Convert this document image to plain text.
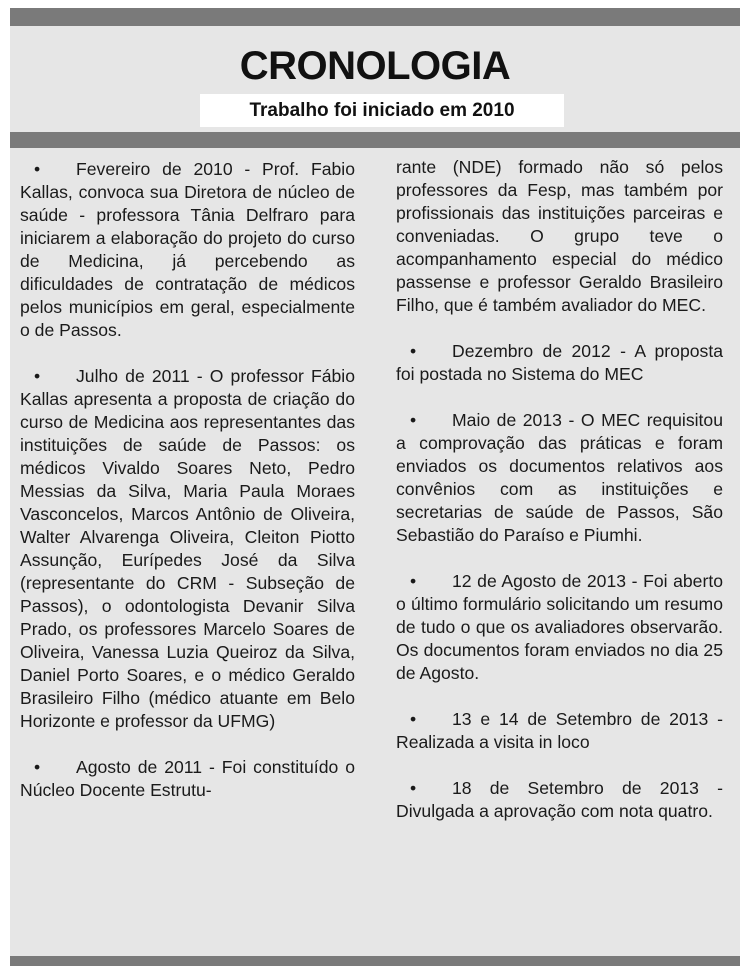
CRONOLOGIA
Trabalho foi iniciado em 2010

• Fevereiro de 2010 - Prof. Fabio Kallas, convoca sua Diretora de núcleo de saúde - professora Tânia Delfraro para iniciarem a elaboração do projeto do curso de Medicina, já percebendo as dificuldades de contratação de médicos pelos municípios em geral, especialmente o de Passos.

• Julho de 2011 - O professor Fábio Kallas apresenta a proposta de criação do curso de Medicina aos representantes das instituições de saúde de Passos: os médicos Vivaldo Soares Neto, Pedro Messias da Silva, Maria Paula Moraes Vasconcelos, Marcos Antônio de Oliveira, Walter Alvarenga Oliveira, Cleiton Piotto Assunção, Eurípedes José da Silva (representante do CRM - Subseção de Passos), o odontologista Devanir Silva Prado, os professores Marcelo Soares de Oliveira, Vanessa Luzia Queiroz da Silva, Daniel Porto Soares, e o médico Geraldo Brasileiro Filho (médico atuante em Belo Horizonte e professor da UFMG)

• Agosto de 2011 - Foi constituído o Núcleo Docente Estrutu-

rante (NDE) formado não só pelos professores da Fesp, mas também por profissionais das instituições parceiras e conveniadas. O grupo teve o acompanhamento especial do médico passense e professor Geraldo Brasileiro Filho, que é também avaliador do MEC.

• Dezembro de 2012 - A proposta foi postada no Sistema do MEC

• Maio de 2013 - O MEC requisitou a comprovação das práticas e foram enviados os documentos relativos aos convênios com as instituições e secretarias de saúde de Passos, São Sebastião do Paraíso e Piumhi.

• 12 de Agosto de 2013 - Foi aberto o último formulário solicitando um resumo de tudo o que os avaliadores observarão. Os documentos foram enviados no dia 25 de Agosto.

• 13 e 14 de Setembro de 2013 - Realizada a visita in loco

• 18 de Setembro de 2013 - Divulgada a aprovação com nota quatro.
